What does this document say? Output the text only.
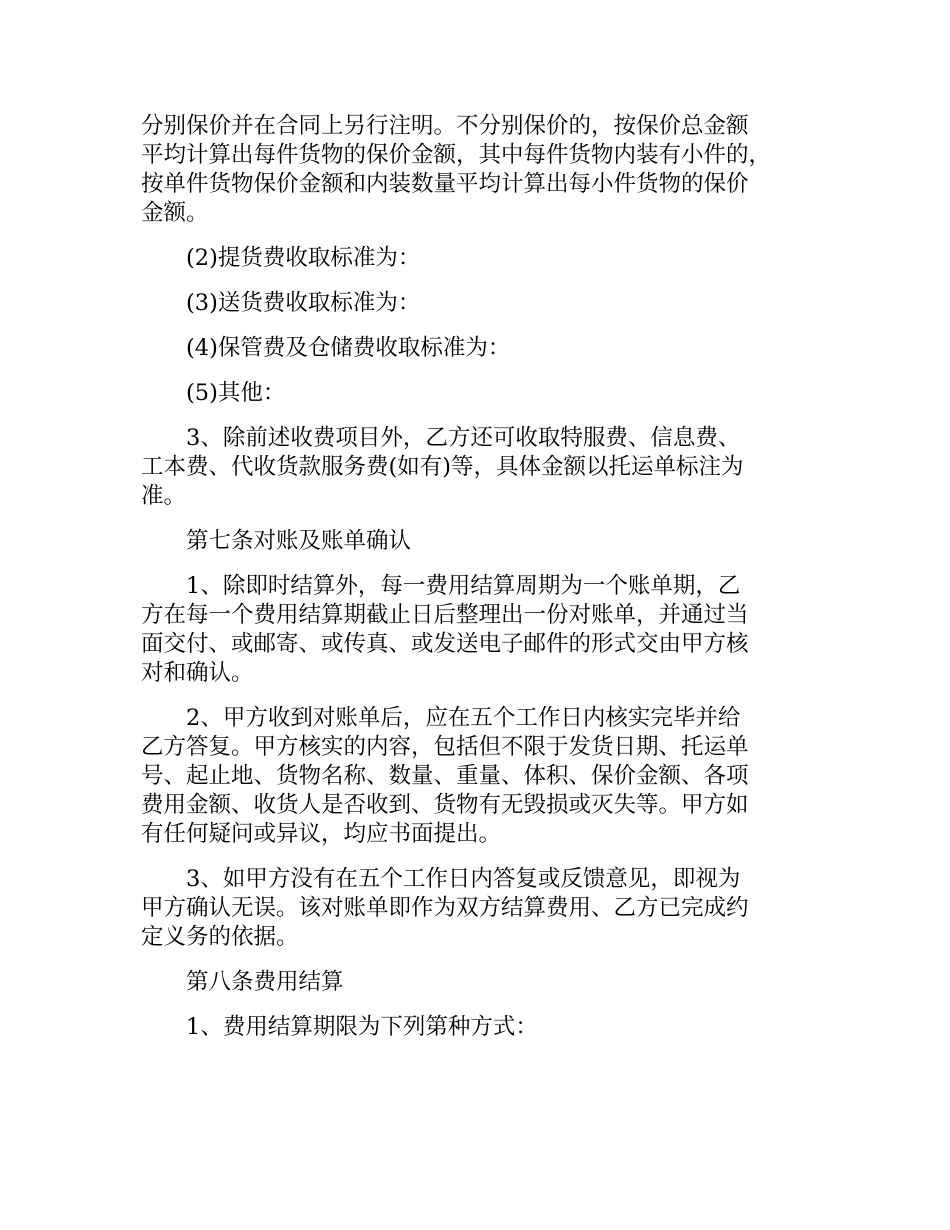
分别保价并在合同上另行注明。不分别保价的，按保价总金额
平均计算出每件货物的保价金额，其中每件货物内装有小件的，
按单件货物保价金额和内装数量平均计算出每小件货物的保价
金额。
(2)提货费收取标准为：
(3)送货费收取标准为：
(4)保管费及仓储费收取标准为：
(5)其他：
3、除前述收费项目外，乙方还可收取特服费、信息费、
工本费、代收货款服务费(如有)等，具体金额以托运单标注为
准。
第七条对账及账单确认
1、除即时结算外，每一费用结算周期为一个账单期，乙
方在每一个费用结算期截止日后整理出一份对账单，并通过当
面交付、或邮寄、或传真、或发送电子邮件的形式交由甲方核
对和确认。
2、甲方收到对账单后，应在五个工作日内核实完毕并给
乙方答复。甲方核实的内容，包括但不限于发货日期、托运单
号、起止地、货物名称、数量、重量、体积、保价金额、各项
费用金额、收货人是否收到、货物有无毁损或灭失等。甲方如
有任何疑问或异议，均应书面提出。
3、如甲方没有在五个工作日内答复或反馈意见，即视为
甲方确认无误。该对账单即作为双方结算费用、乙方已完成约
定义务的依据。
第八条费用结算
1、费用结算期限为下列第种方式：
